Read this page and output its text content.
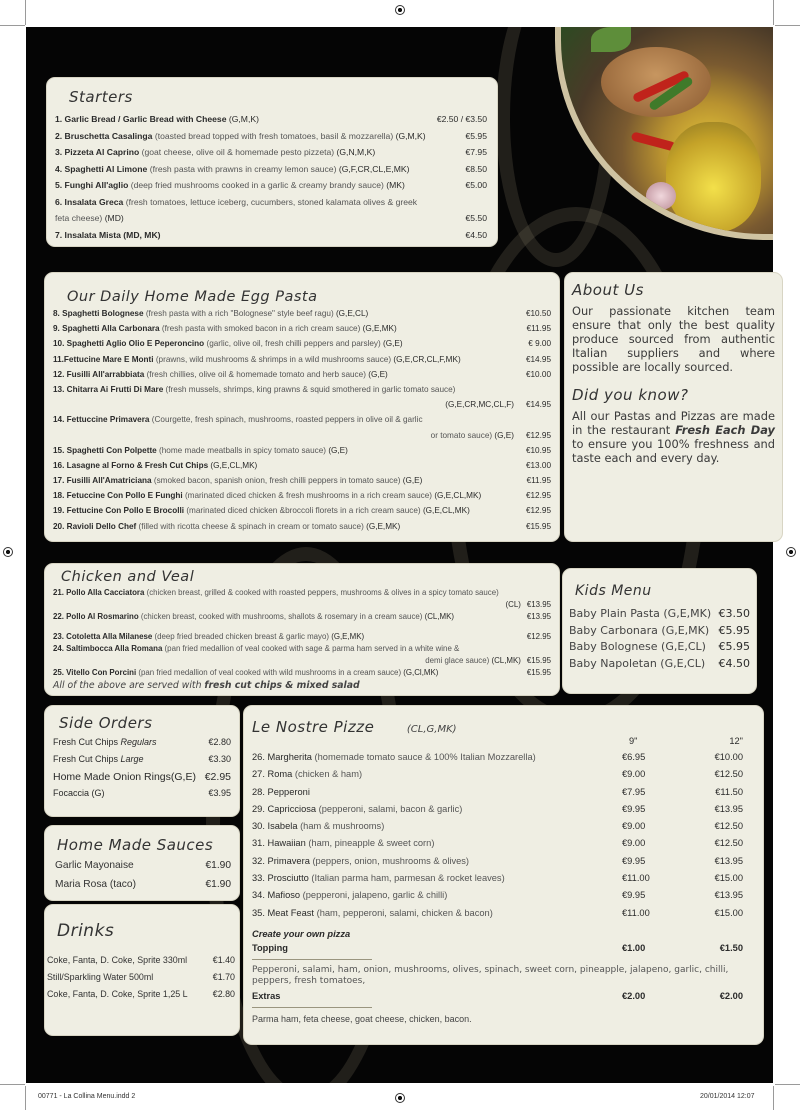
Starters
1. Garlic Bread / Garlic Bread with Cheese (G,M,K)	€2.50 / €3.50
2. Bruschetta Casalinga (toasted bread topped with fresh tomatoes, basil & mozzarella) (G,M,K)	€5.95
3. Pizzeta Al Caprino (goat cheese, olive oil & homemade pesto pizzeta) (G,N,M,K)	€7.95
4. Spaghetti Al Limone (fresh pasta with prawns in creamy lemon sauce) (G,F,CR,CL,E,MK)	€8.50
5. Funghi All'aglio (deep fried mushrooms cooked in a garlic & creamy brandy sauce) (MK)	€5.00
6. Insalata Greca (fresh tomatoes, lettuce iceberg, cucumbers, stoned kalamata olives & greek
feta cheese) (MD)	€5.50
7. Insalata Mista (MD, MK)	€4.50
Our Daily Home Made Egg Pasta
8. Spaghetti Bolognese (fresh pasta with a rich "Bolognese" style beef ragu) (G,E,CL)	€10.50
9. Spaghetti Alla Carbonara (fresh pasta with smoked bacon in a rich cream sauce) (G,E,MK)	€11.95
10. Spaghetti Aglio Olio E Peperoncino (garlic, olive oil, fresh chilli peppers and parsley) (G,E)	€ 9.00
11.Fettucine Mare E Monti (prawns, wild mushrooms & shrimps in a wild mushrooms sauce) (G,E,CR,CL,F,MK)	€14.95
12. Fusilli All'arrabbiata (fresh chillies, olive oil & homemade tomato and herb sauce) (G,E)	€10.00
13. Chitarra Ai Frutti Di Mare (fresh mussels, shrimps, king prawns & squid smothered in garlic tomato sauce)
(G,E,CR,MC,CL,F) €14.95
14. Fettuccine Primavera (Courgette, fresh spinach, mushrooms, roasted peppers in olive oil & garlic
or tomato sauce) (G,E) €12.95
15. Spaghetti Con Polpette (home made meatballs in spicy tomato sauce) (G,E)	€10.95
16. Lasagne al Forno & Fresh Cut Chips (G,E,CL,MK)	€13.00
17. Fusilli All'Amatriciana (smoked bacon, spanish onion, fresh chilli peppers in tomato sauce) (G,E)	€11.95
18. Fetuccine Con Pollo E Funghi (marinated diced chicken & fresh mushrooms in a rich cream sauce) (G,E,CL,MK)	€12.95
19. Fettucine Con Pollo E Brocolli (marinated diced chicken &broccoli florets in a rich cream sauce) (G,E,CL,MK)	€12.95
20. Ravioli Dello Chef (filled with ricotta cheese & spinach in cream or tomato sauce) (G,E,MK)	€15.95
About Us

Our passionate kitchen team ensure that only the best quality produce sourced from authentic Italian suppliers and where possible are locally sourced.

Did you know?

All our Pastas and Pizzas are made in the restaurant Fresh Each Day to ensure you 100% freshness and taste each and every day.

Chicken and Veal
21. Pollo Alla Cacciatora (chicken breast, grilled & cooked with roasted peppers, mushrooms & olives in a spicy tomato sauce)
(CL) €13.95
22. Pollo Al Rosmarino (chicken breast, cooked with mushrooms, shallots & rosemary in a cream sauce) (CL,MK)	€13.95
23. Cotoletta Alla Milanese (deep fried breaded chicken breast & garlic mayo) (G,E,MK)	€12.95
24. Saltimbocca Alla Romana (pan fried medallion of veal cooked with sage & parma ham served in a white wine &
demi glace sauce) (CL,MK) €15.95
25. Vitello Con Porcini (pan fried medallion of veal cooked with wild mushrooms in a cream sauce) (G,Cl,MK)	€15.95
All of the above are served with fresh cut chips & mixed salad
Kids Menu
Baby Plain Pasta (G,E,MK) €3.50
Baby Carbonara (G,E,MK) €5.95
Baby Bolognese (G,E,CL) €5.95
Baby Napoletan (G,E,CL) €4.50
Side Orders
Fresh Cut Chips Regulars	€2.80
Fresh Cut Chips Large	€3.30
Home Made Onion Rings(G,E) €2.95
Focaccia (G)	€3.95
Home Made Sauces
Garlic Mayonaise	€1.90
Maria Rosa (taco)	€1.90
Drinks
Coke, Fanta, D. Coke, Sprite 330ml	€1.40
Still/Sparkling Water 500ml	€1.70
Coke, Fanta, D. Coke, Sprite 1,25 L	€2.80
Le Nostre Pizze	(CL,G,MK)
9"	12"
26. Margherita (homemade tomato sauce & 100% Italian Mozzarella)	€6.95	€10.00
27. Roma (chicken & ham)	€9.00	€12.50
28. Pepperoni	€7.95	€11.50
29. Capricciosa (pepperoni, salami, bacon & garlic)	€9.95	€13.95
30. Isabela (ham & mushrooms)	€9.00	€12.50
31. Hawaiian (ham, pineapple & sweet corn)	€9.00	€12.50
32. Primavera (peppers, onion, mushrooms & olives)	€9.95	€13.95
33. Prosciutto (Italian parma ham, parmesan & rocket leaves)	€11.00	€15.00
34. Mafioso (pepperoni, jalapeno, garlic & chilli)	€9.95	€13.95
35. Meat Feast (ham, pepperoni, salami, chicken & bacon)	€11.00	€15.00
Create your own pizza
Topping	€1.00	€1.50
Pepperoni, salami, ham, onion, mushrooms, olives, spinach, sweet corn, pineapple, jalapeno, garlic, chilli, peppers, fresh tomatoes,
Extras	€2.00	€2.00
Parma ham, feta cheese, goat cheese, chicken, bacon.
00771 - La Collina Menu.indd 2	20/01/2014 12:07
